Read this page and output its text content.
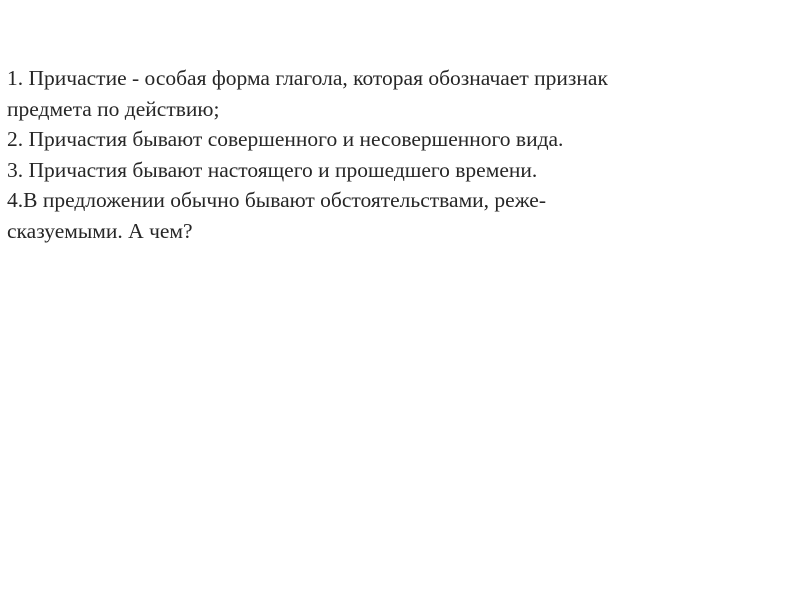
1. Причастие - особая форма глагола, которая обозначает признак
предмета по действию;
2. Причастия бывают совершенного и несовершенного вида.
3. Причастия бывают настоящего и прошедшего времени.
4.В предложении обычно бывают обстоятельствами, реже-
сказуемыми. А чем?
